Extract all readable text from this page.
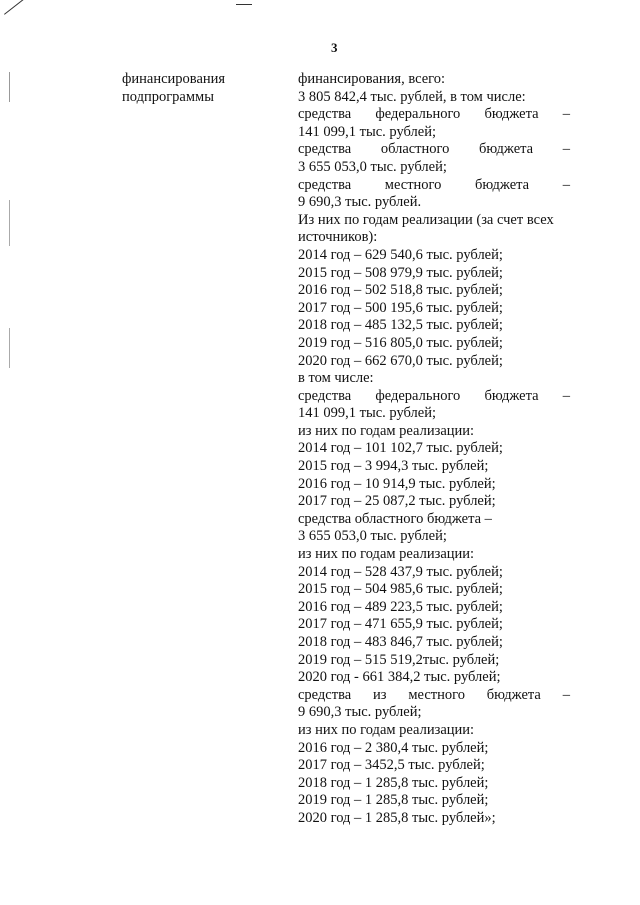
3
финансирования
подпрограммы
финансирования, всего:
3 805 842,4 тыс. рублей, в том числе:
средства федерального бюджета –
141 099,1 тыс. рублей;
средства областного бюджета –
3 655 053,0 тыс. рублей;
средства местного бюджета –
9 690,3 тыс. рублей.
Из них по годам реализации (за счет всех
источников):
2014 год – 629 540,6 тыс. рублей;
2015 год – 508 979,9 тыс. рублей;
2016 год – 502 518,8 тыс. рублей;
2017 год – 500 195,6 тыс. рублей;
2018 год – 485 132,5 тыс. рублей;
2019 год – 516 805,0 тыс. рублей;
2020 год – 662 670,0 тыс. рублей;
в том числе:
средства федерального бюджета –
141 099,1 тыс. рублей;
из них по годам реализации:
2014 год – 101 102,7 тыс. рублей;
2015 год – 3 994,3 тыс. рублей;
2016 год – 10 914,9 тыс. рублей;
2017 год – 25 087,2 тыс. рублей;
средства областного бюджета –
3 655 053,0 тыс. рублей;
из них по годам реализации:
2014 год – 528 437,9 тыс. рублей;
2015 год – 504 985,6 тыс. рублей;
2016 год – 489 223,5 тыс. рублей;
2017 год – 471 655,9 тыс. рублей;
2018 год – 483 846,7 тыс. рублей;
2019 год – 515 519,2тыс. рублей;
2020 год - 661 384,2 тыс. рублей;
средства из местного бюджета –
9 690,3 тыс. рублей;
из них по годам реализации:
2016 год – 2 380,4 тыс. рублей;
2017 год – 3452,5 тыс. рублей;
2018 год – 1 285,8 тыс. рублей;
2019 год – 1 285,8 тыс. рублей;
2020 год – 1 285,8 тыс. рублей»;
